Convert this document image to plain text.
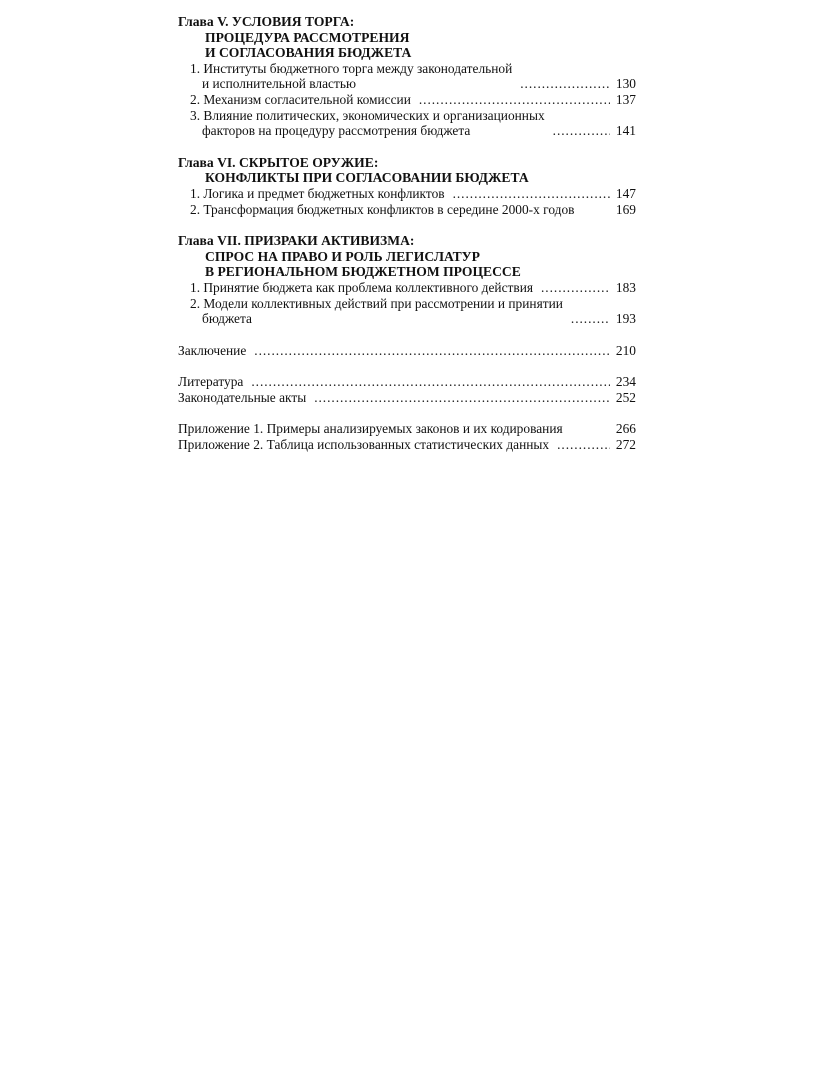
Глава V. УСЛОВИЯ ТОРГА:
ПРОЦЕДУРА РАССМОТРЕНИЯ
И СОГЛАСОВАНИЯ БЮДЖЕТА
1. Институты бюджетного торга между законодательной
и исполнительной властью . . .	130
2. Механизм согласительной комиссии . . .	137
3. Влияние политических, экономических и организационных
факторов на процедуру рассмотрения бюджета . . .	141
Глава VI. СКРЫТОЕ ОРУЖИЕ:
КОНФЛИКТЫ ПРИ СОГЛАСОВАНИИ БЮДЖЕТА
1. Логика и предмет бюджетных конфликтов . . .	147
2. Трансформация бюджетных конфликтов в середине 2000-х годов	169
Глава VII. ПРИЗРАКИ АКТИВИЗМА:
СПРОС НА ПРАВО И РОЛЬ ЛЕГИСЛАТУР
В РЕГИОНАЛЬНОМ БЮДЖЕТНОМ ПРОЦЕССЕ
1. Принятие бюджета как проблема коллективного действия . . .	183
2. Модели коллективных действий при рассмотрении и принятии
бюджета . . .	193
Заключение . . .	210
Литература . . .	234
Законодательные акты . . .	252
Приложение 1. Примеры анализируемых законов и их кодирования	266
Приложение 2. Таблица использованных статистических данных . . .	272
